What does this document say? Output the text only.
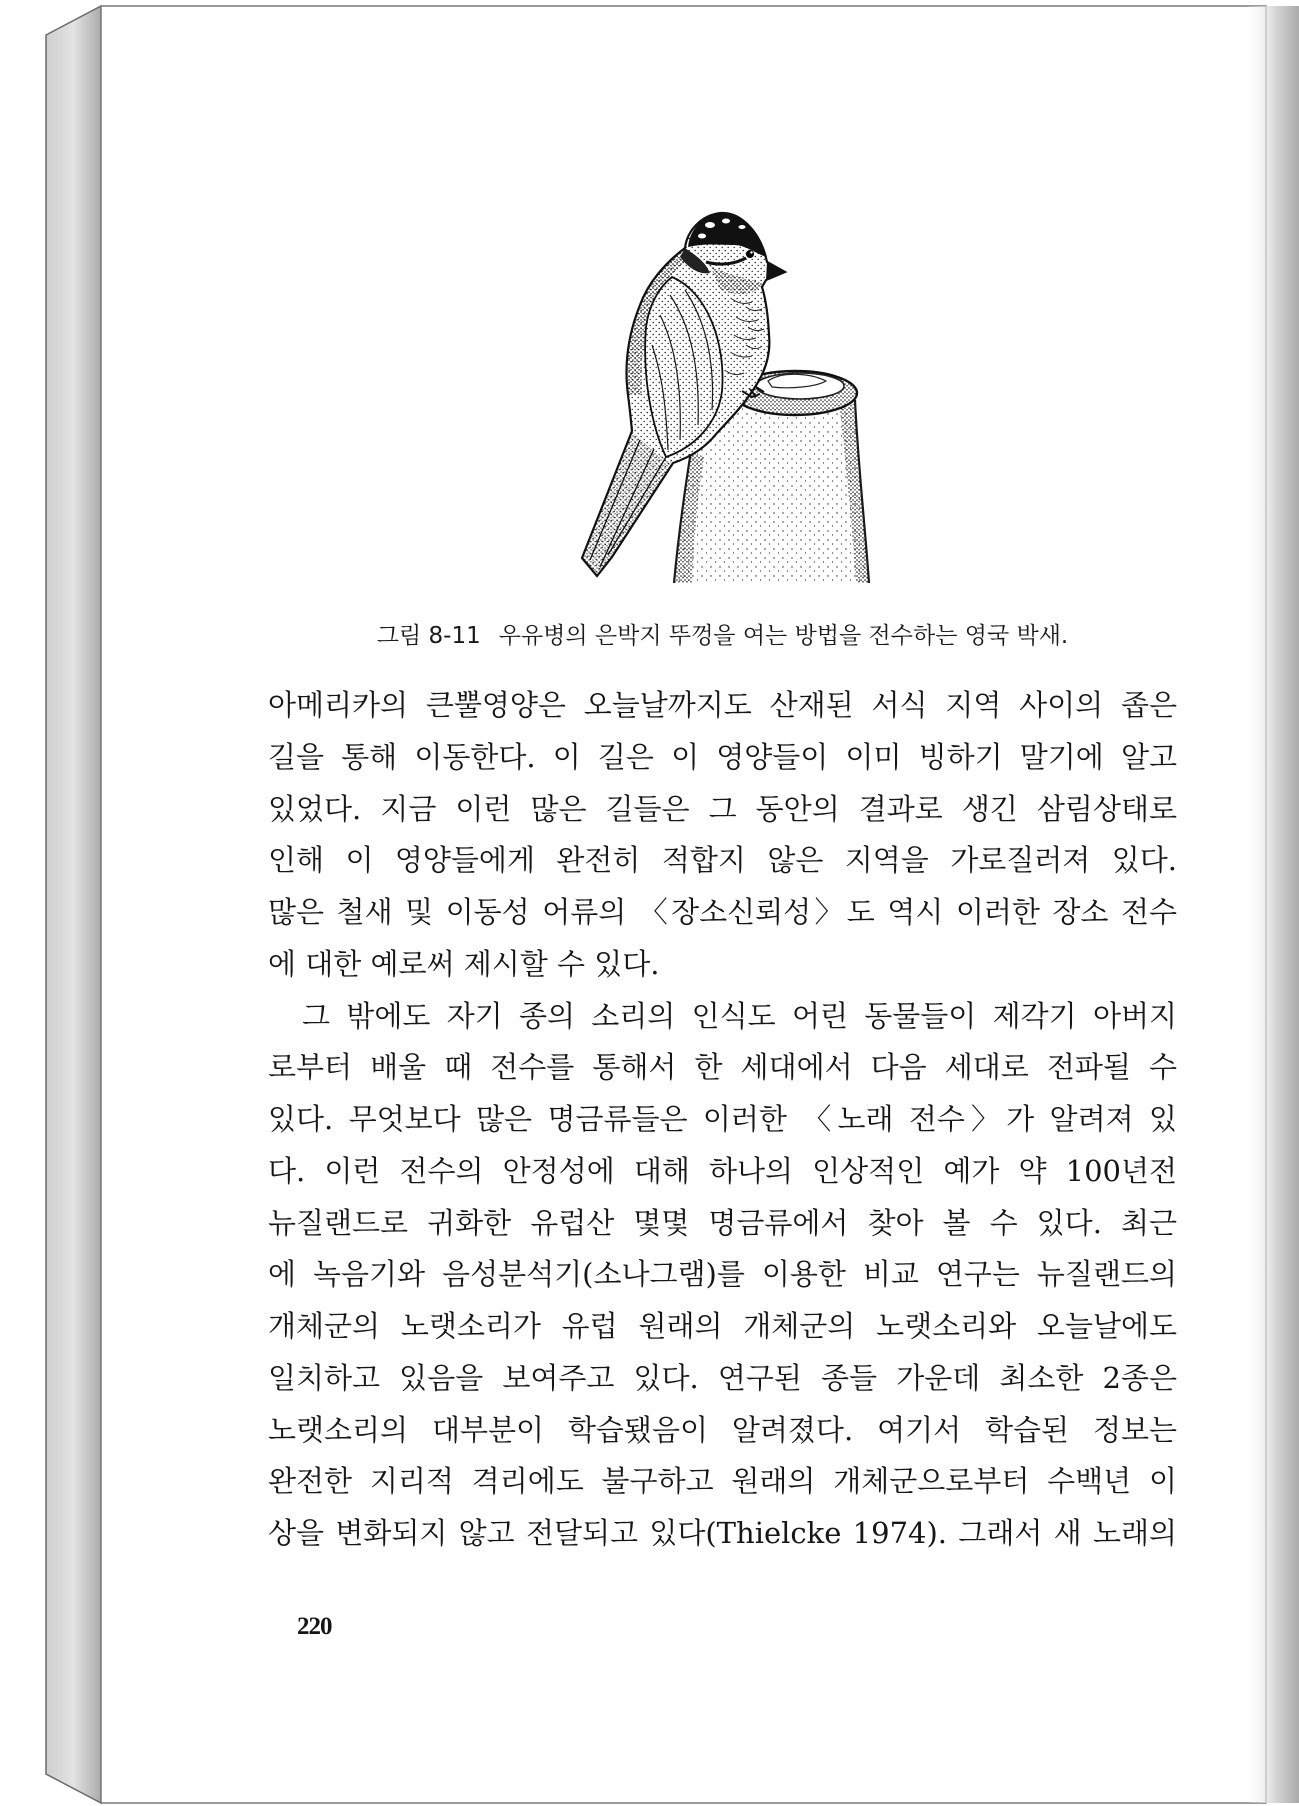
그림 8-11 우유병의 은박지 뚜껑을 여는 방법을 전수하는 영국 박새.
아메리카의 큰뿔영양은 오늘날까지도 산재된 서식 지역 사이의 좁은
길을 통해 이동한다. 이 길은 이 영양들이 이미 빙하기 말기에 알고
있었다. 지금 이런 많은 길들은 그 동안의 결과로 생긴 삼림상태로
인해 이 영양들에게 완전히 적합지 않은 지역을 가로질러져 있다.
많은 철새 및 이동성 어류의 〈장소신뢰성〉도 역시 이러한 장소 전수
에 대한 예로써 제시할 수 있다.
그 밖에도 자기 종의 소리의 인식도 어린 동물들이 제각기 아버지
로부터 배울 때 전수를 통해서 한 세대에서 다음 세대로 전파될 수
있다. 무엇보다 많은 명금류들은 이러한 〈노래 전수〉가 알려져 있
다. 이런 전수의 안정성에 대해 하나의 인상적인 예가 약 100년전
뉴질랜드로 귀화한 유럽산 몇몇 명금류에서 찾아 볼 수 있다. 최근
에 녹음기와 음성분석기(소나그램)를 이용한 비교 연구는 뉴질랜드의
개체군의 노랫소리가 유럽 원래의 개체군의 노랫소리와 오늘날에도
일치하고 있음을 보여주고 있다. 연구된 종들 가운데 최소한 2종은
노랫소리의 대부분이 학습됐음이 알려졌다. 여기서 학습된 정보는
완전한 지리적 격리에도 불구하고 원래의 개체군으로부터 수백년 이
상을 변화되지 않고 전달되고 있다(Thielcke 1974). 그래서 새 노래의
220
